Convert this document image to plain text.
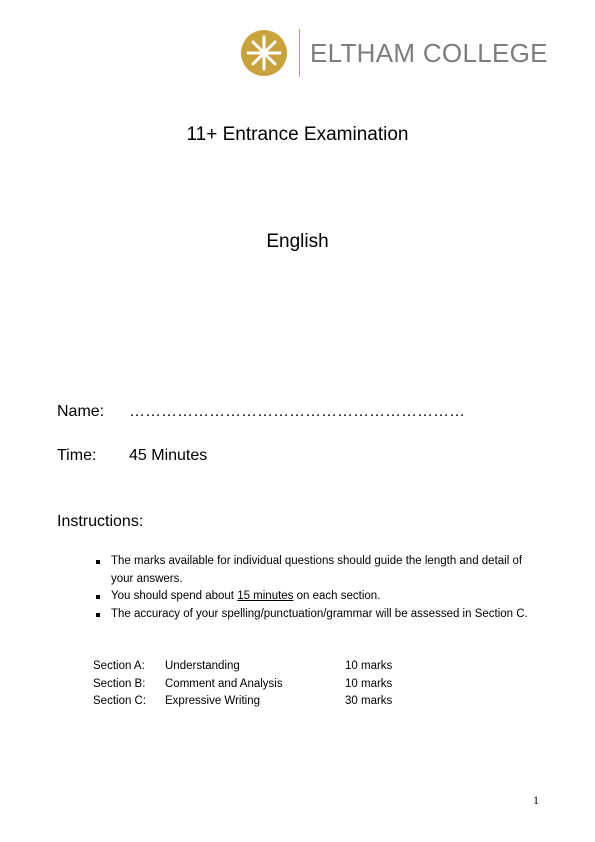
ELTHAM COLLEGE
11+ Entrance Examination
English
Name:	………………………………………………………
Time:	45 Minutes
Instructions:
The marks available for individual questions should guide the length and detail of your answers.
You should spend about 15 minutes on each section.
The accuracy of your spelling/punctuation/grammar will be assessed in Section C.
Section A:	Understanding	10 marks
Section B:	Comment and Analysis	10 marks
Section C:	Expressive Writing	30 marks
1
